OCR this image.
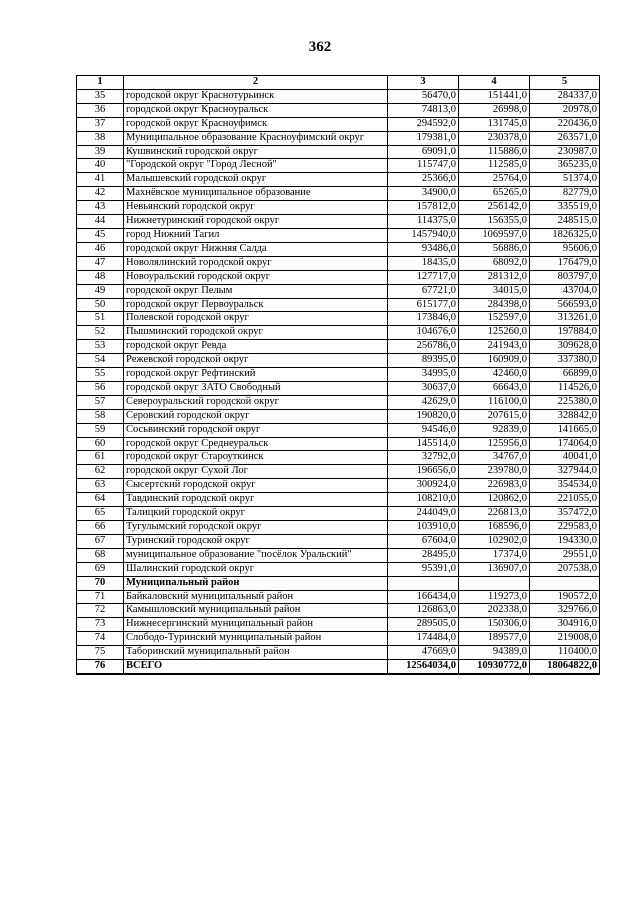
362
1	2	3	4	5
35	городской округ Краснотурьинск	56470,0	151441,0	284337,0
36	городской округ Красноуральск	74813,0	26998,0	20978,0
37	городской округ Красноуфимск	294592,0	131745,0	220436,0
38	Муниципальное образование Красноуфимский округ	179381,0	230378,0	263571,0
39	Кушвинский городской округ	69091,0	115886,0	230987,0
40	"Городской округ "Город Лесной"	115747,0	112585,0	365235,0
41	Малышевский городской округ	25366,0	25764,0	51374,0
42	Махнёвское муниципальное образование	34900,0	65265,0	82779,0
43	Невьянский городской округ	157812,0	256142,0	335519,0
44	Нижнетуринский городской округ	114375,0	156355,0	248515,0
45	город Нижний Тагил	1457940,0	1069597,0	1826325,0
46	городской округ Нижняя Салда	93486,0	56886,0	95606,0
47	Новолялинский городской округ	18435,0	68092,0	176479,0
48	Новоуральский городской округ	127717,0	281312,0	803797,0
49	городской округ Пелым	67721,0	34015,0	43704,0
50	городской округ Первоуральск	615177,0	284398,0	566593,0
51	Полевской городской округ	173846,0	152597,0	313261,0
52	Пышминский городской округ	104676,0	125260,0	197884,0
53	городской округ Ревда	256786,0	241943,0	309628,0
54	Режевской городской округ	89395,0	160909,0	337380,0
55	городской округ Рефтинский	34995,0	42460,0	66899,0
56	городской округ ЗАТО Свободный	30637,0	66643,0	114526,0
57	Североуральский городской округ	42629,0	116100,0	225380,0
58	Серовский городской округ	190820,0	207615,0	328842,0
59	Сосьвинский городской округ	94546,0	92839,0	141665,0
60	городской округ Среднеуральск	145514,0	125956,0	174064,0
61	городской округ Староуткинск	32792,0	34767,0	40041,0
62	городской округ Сухой Лог	196656,0	239780,0	327944,0
63	Сысертский городской округ	300924,0	226983,0	354534,0
64	Тавдинский городской округ	108210,0	120862,0	221055,0
65	Талицкий городской округ	244049,0	226813,0	357472,0
66	Тугулымский городской округ	103910,0	168596,0	229583,0
67	Туринский городской округ	67604,0	102902,0	194330,0
68	муниципальное образование "посёлок Уральский"	28495,0	17374,0	29551,0
69	Шалинский городской округ	95391,0	136907,0	207538,0
70	Муниципальный район			
71	Байкаловский муниципальный район	166434,0	119273,0	190572,0
72	Камышловский муниципальный район	126863,0	202338,0	329766,0
73	Нижнесергинский муниципальный район	289505,0	150306,0	304916,0
74	Слободо-Туринский муниципальный район	174484,0	189577,0	219008,0
75	Таборинский муниципальный район	47669,0	94389,0	110400,0
76	ВСЕГО	12564034,0	10930772,0	18064822,0
